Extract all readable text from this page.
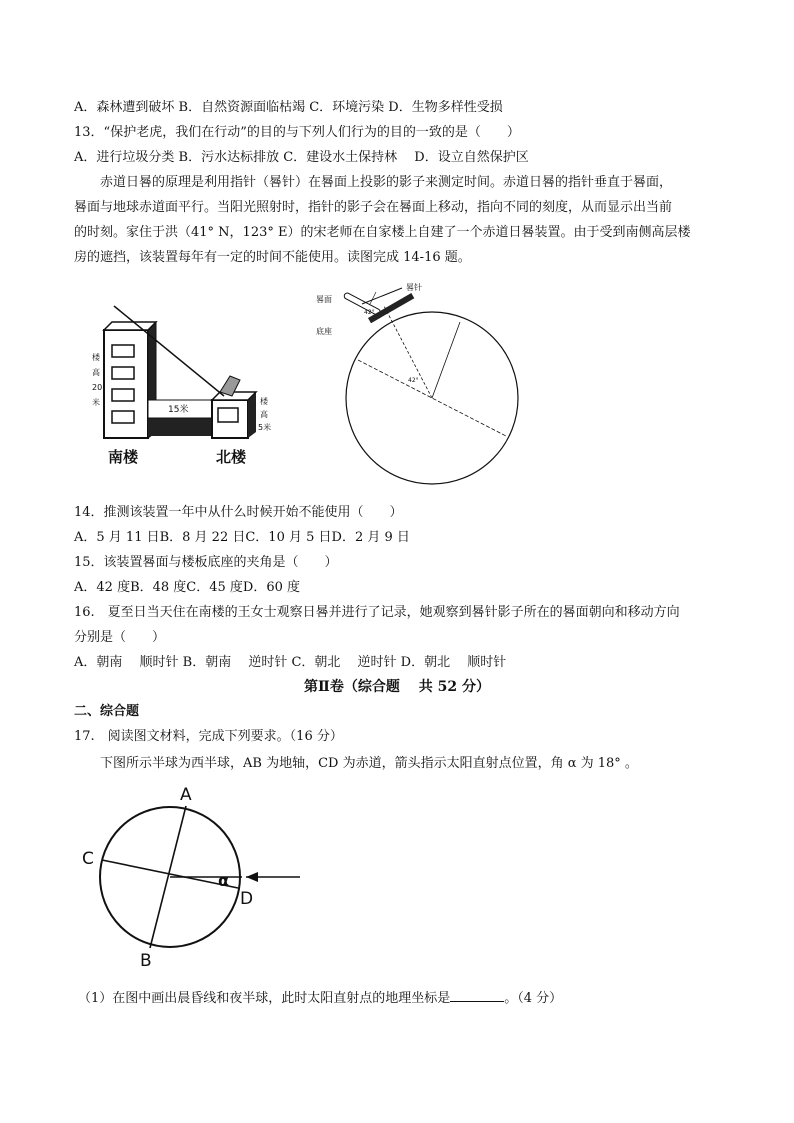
A．森林遭到破坏 B．自然资源面临枯竭 C．环境污染 D．生物多样性受损
13．“保护老虎，我们在行动”的目的与下列人们行为的目的一致的是（　　）
A．进行垃圾分类 B．污水达标排放 C．建设水土保持林　 D．设立自然保护区
赤道日晷的原理是利用指针（晷针）在晷面上投影的影子来测定时间。赤道日晷的指针垂直于晷面，
晷面与地球赤道面平行。当阳光照射时，指针的影子会在晷面上移动，指向不同的刻度，从而显示出当前
的时刻。家住于洪（41° N，123° E）的宋老师在自家楼上自建了一个赤道日晷装置。由于受到南侧高层楼
房的遮挡，该装置每年有一定的时间不能使用。读图完成 14-16 题。
15米
楼
高
20
米	楼
高
5米
南楼	北楼
晷面
晷针
底座
42°
42°
14．推测该装置一年中从什么时候开始不能使用（　　）
A．5 月 11 日B．8 月 22 日C．10 月 5 日D．2 月 9 日
15．该装置晷面与楼板底座的夹角是（　　）
A．42 度B．48 度C．45 度D．60 度
16.　夏至日当天住在南楼的王女士观察日晷并进行了记录，她观察到晷针影子所在的晷面朝向和移动方向
分别是（　　）
A．朝南　 顺时针 B．朝南　 逆时针 C．朝北　 逆时针 D．朝北　 顺时针
第Ⅱ卷（综合题　 共 52 分）
二、综合题
17.　阅读图文材料，完成下列要求。（16 分）
下图所示半球为西半球，AB 为地轴，CD 为赤道，箭头指示太阳直射点位置，角 α 为 18° 。
A
B
C
D
α
（1）在图中画出晨昏线和夜半球，此时太阳直射点的地理坐标是	。（4 分）
